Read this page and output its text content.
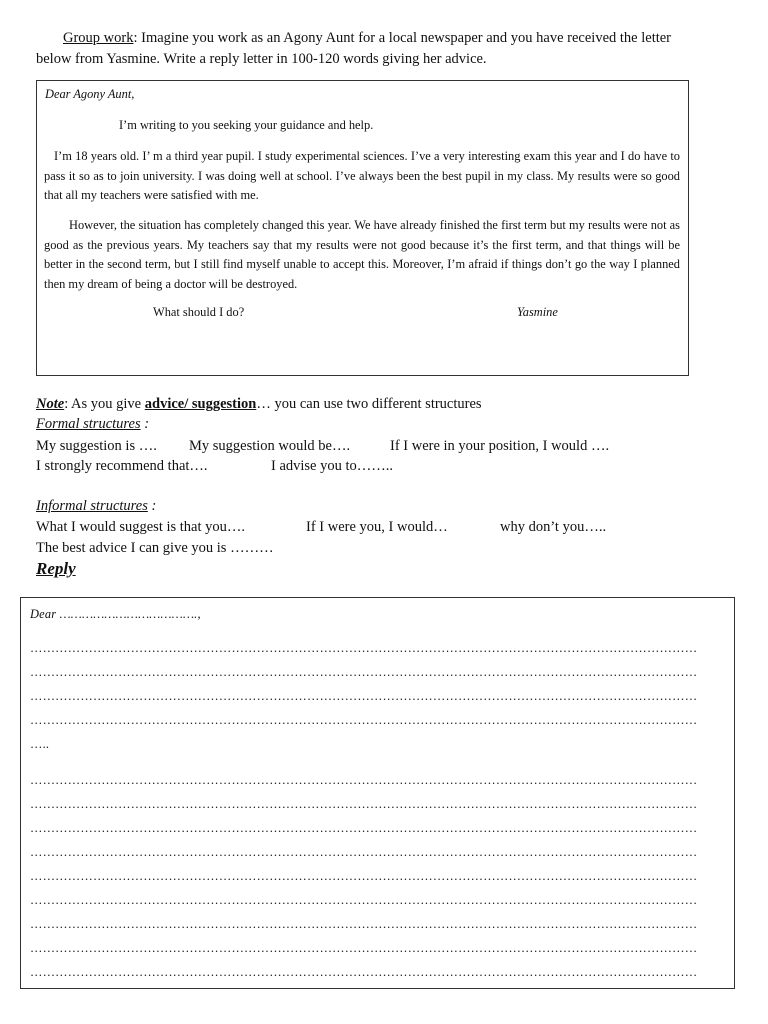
Group work: Imagine you work as an Agony Aunt for a local newspaper and you have received the letter
below from Yasmine. Write a reply letter in 100-120 words giving her advice.
Dear Agony Aunt,
I’m writing to you seeking your guidance and help.
I’m 18 years old. I’ m a third year pupil. I study experimental sciences. I’ve a very interesting exam this year and I do have to pass it so as to join university. I was doing well at school. I’ve always been the best pupil in my class. My results were so good that all my teachers were satisfied with me.
However, the situation has completely changed this year. We have already finished the first term but my results were not as good as the previous years. My teachers say that my results were not good because it’s the first term, and that things will be better in the second term, but I still find myself unable to accept this. Moreover, I’m afraid if things don’t go the way I planned then my dream of being a doctor will be destroyed.
What should I do?	Yasmine
Note: As you give advice/ suggestion… you can use two different structures
Formal structures :
My suggestion is ….	My suggestion would be….	If I were in your position, I would ….
I strongly recommend that….	I advise you to……..
Informal structures :
What I would suggest is that you….	If I were you, I would…	why don’t you…..
The best advice I can give you is ………
Reply
Dear ……………………………….,
……………………………………………………………………………………………………………………………………………
……………………………………………………………………………………………………………………………………………
……………………………………………………………………………………………………………………………………………
……………………………………………………………………………………………………………………………………………
…..
……………………………………………………………………………………………………………………………………………
……………………………………………………………………………………………………………………………………………
……………………………………………………………………………………………………………………………………………
……………………………………………………………………………………………………………………………………………
……………………………………………………………………………………………………………………………………………
……………………………………………………………………………………………………………………………………………
……………………………………………………………………………………………………………………………………………
……………………………………………………………………………………………………………………………………………
……………………………………………………………………………………………………………………………………………
